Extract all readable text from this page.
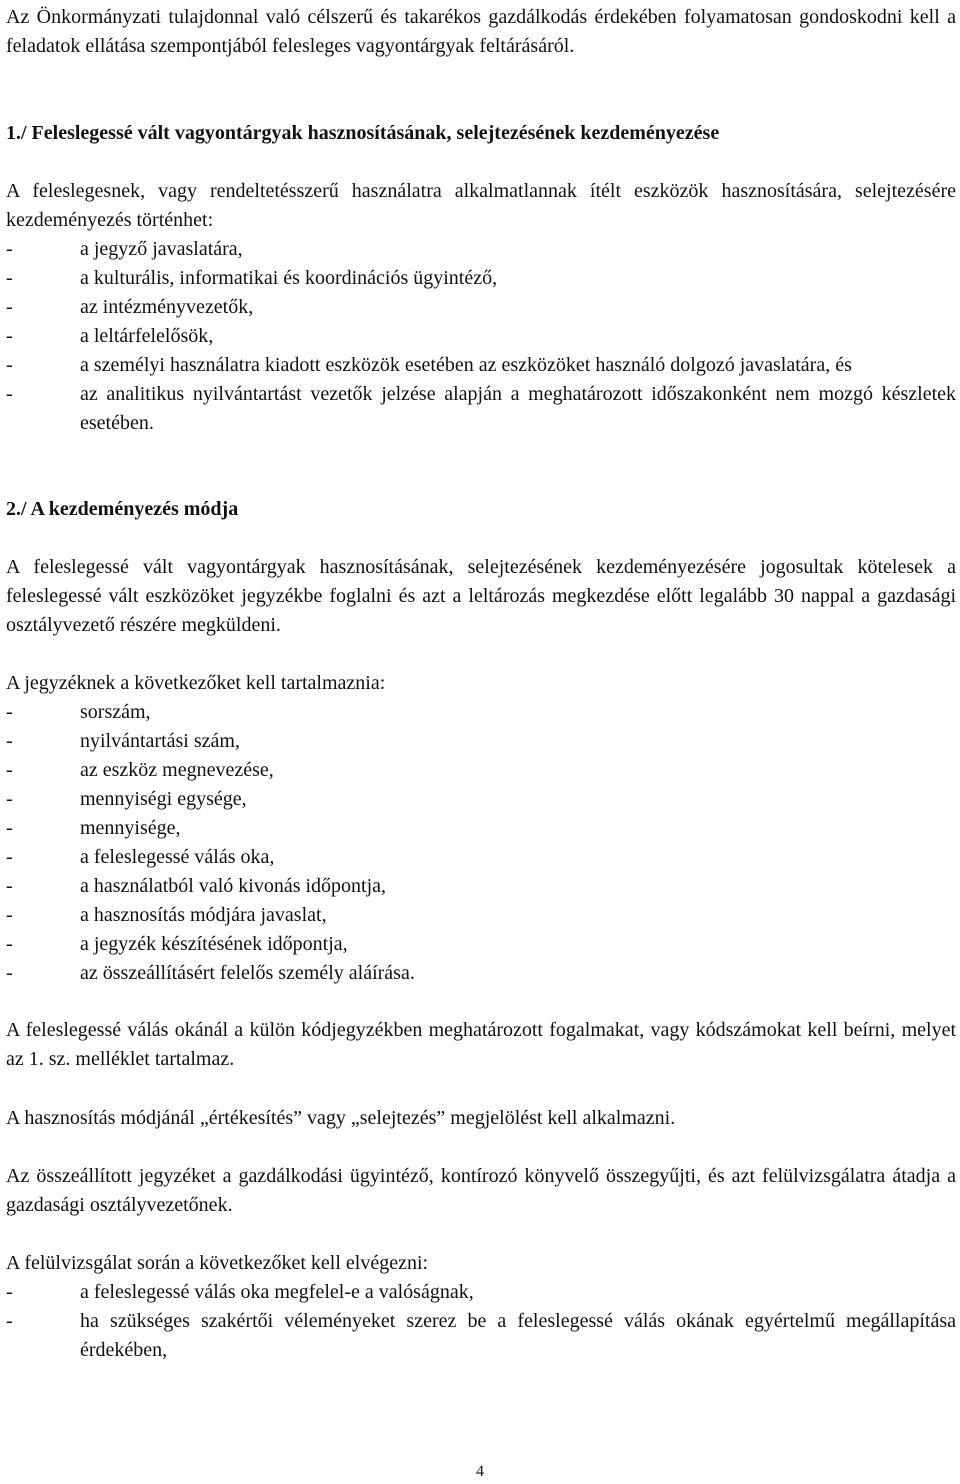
Az Önkormányzati tulajdonnal való célszerű és takarékos gazdálkodás érdekében folyamatosan gondoskodni kell a feladatok ellátása szempontjából felesleges vagyontárgyak feltárásáról.

1./ Feleslegessé vált vagyontárgyak hasznosításának, selejtezésének kezdeményezése

A feleslegesnek, vagy rendeltetésszerű használatra alkalmatlannak ítélt eszközök hasznosítására, selejtezésére kezdeményezés történhet:

-	a jegyző javaslatára,
-	a kulturális, informatikai és koordinációs ügyintéző,
-	az intézményvezetők,
-	a leltárfelelősök,
-	a személyi használatra kiadott eszközök esetében az eszközöket használó dolgozó javaslatára, és
-	az analitikus nyilvántartást vezetők jelzése alapján a meghatározott időszakonként nem mozgó készletek esetében.

2./ A kezdeményezés módja

A feleslegessé vált vagyontárgyak hasznosításának, selejtezésének kezdeményezésére jogosultak kötelesek a feleslegessé vált eszközöket jegyzékbe foglalni és azt a leltározás megkezdése előtt legalább 30 nappal a gazdasági osztályvezető részére megküldeni.

A jegyzéknek a következőket kell tartalmaznia:

-	sorszám,
-	nyilvántartási szám,
-	az eszköz megnevezése,
-	mennyiségi egysége,
-	mennyisége,
-	a feleslegessé válás oka,
-	a használatból való kivonás időpontja,
-	a hasznosítás módjára javaslat,
-	a jegyzék készítésének időpontja,
-	az összeállításért felelős személy aláírása.

A feleslegessé válás okánál a külön kódjegyzékben meghatározott fogalmakat, vagy kódszámokat kell beírni, melyet az 1. sz. melléklet tartalmaz.

A hasznosítás módjánál „értékesítés” vagy „selejtezés” megjelölést kell alkalmazni.

Az összeállított jegyzéket a gazdálkodási ügyintéző, kontírozó könyvelő összegyűjti, és azt felülvizsgálatra átadja a gazdasági osztályvezetőnek.

A felülvizsgálat során a következőket kell elvégezni:

-	a feleslegessé válás oka megfelel-e a valóságnak,
-	ha szükséges szakértői véleményeket szerez be a feleslegessé válás okának egyértelmű megállapítása érdekében,
4
